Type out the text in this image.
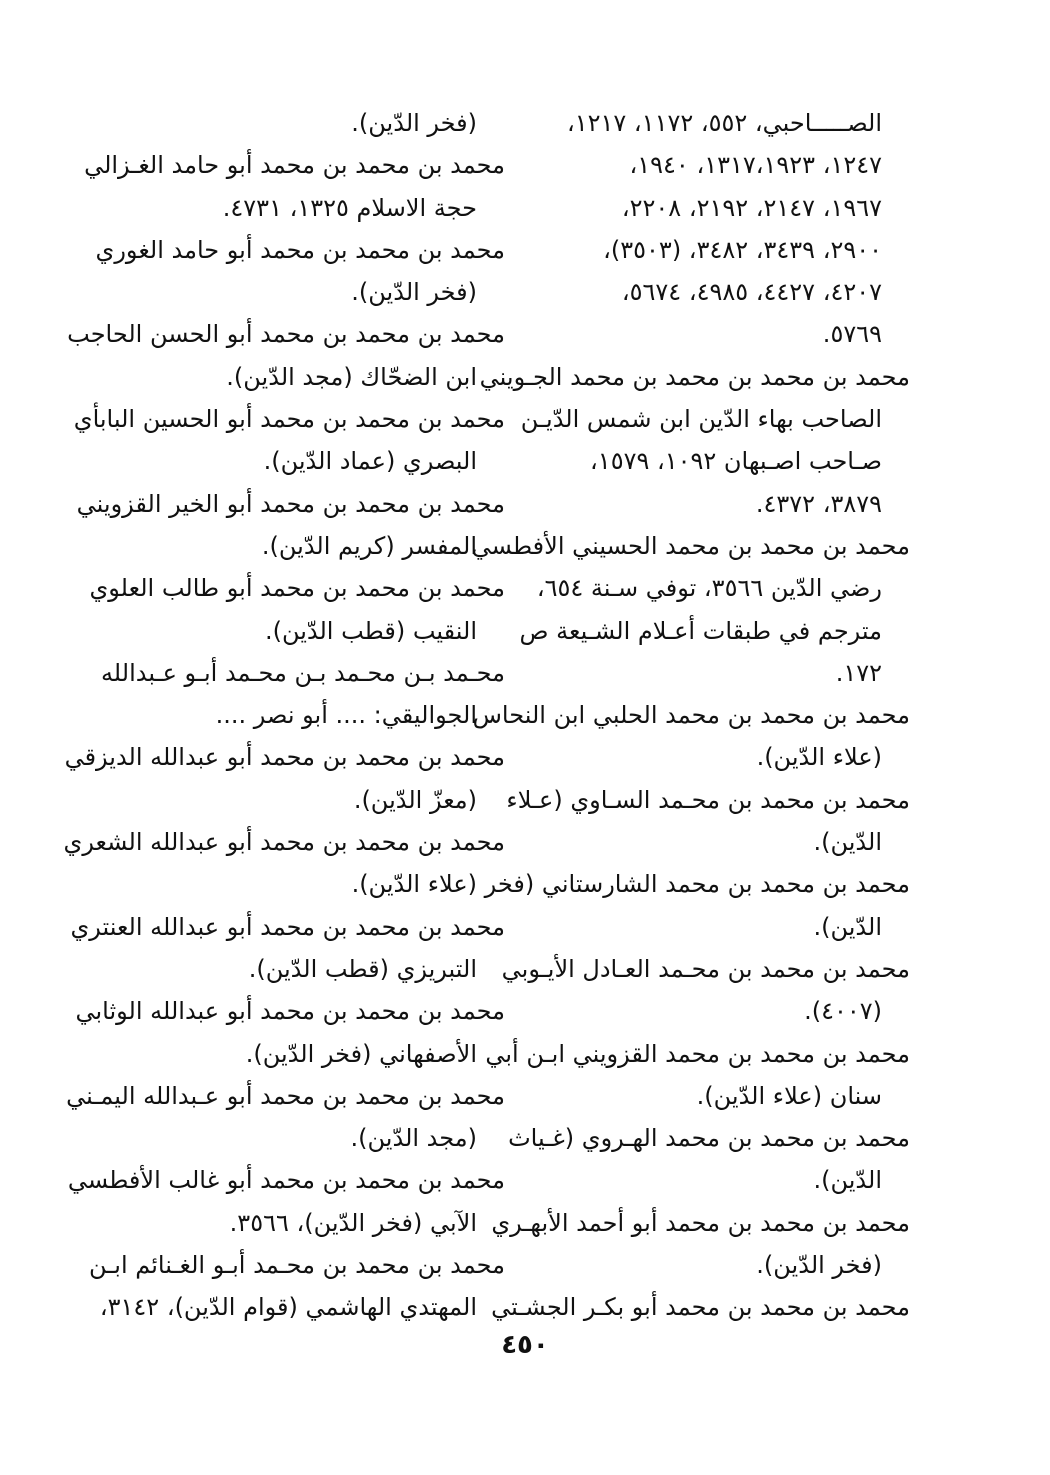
الصـــــاحبي، ٥٥٢، ١١٧٢، ١٢١٧،
١٢٤٧، ١٣١٧،١٩٢٣، ١٩٤٠،
١٩٦٧، ٢١٤٧، ٢١٩٢، ٢٢٠٨،
٢٩٠٠، ٣٤٣٩، ٣٤٨٢، (٣٥٠٣)،
٤٢٠٧، ٤٤٢٧، ٤٩٨٥، ٥٦٧٤،
٥٧٦٩.
محمد بن محمد بن محمد بن محمد الجـويني
الصاحب بهاء الدّين ابن شمس الدّيـن
صـاحب اصـبهان ١٠٩٢، ١٥٧٩،
٣٨٧٩، ٤٣٧٢.
محمد بن محمد بن محمد الحسيني الأفطسي
رضي الدّين ٣٥٦٦، توفي سـنة ٦٥٤،
مترجم في طبقات أعـلام الشـيعة ص
١٧٢.
محمد بن محمد بن محمد الحلبي ابن النحاس
(علاء الدّين).
محمد بن محمد بن محـمد السـاوي (عـلاء
الدّين).
محمد بن محمد بن محمد الشارستاني (فخر
الدّين).
محمد بن محمد بن محـمد العـادل الأيـوبي
(٤٠٠٧).
محمد بن محمد بن محمد القزويني ابـن أبي
سنان (علاء الدّين).
محمد بن محمد بن محمد الهـروي (غـياث
الدّين).
محمد بن محمد بن محمد أبو أحمد الأبهـري
(فخر الدّين).
محمد بن محمد بن محمد أبو بكـر الجشـتي
(فخر الدّين).
محمد بن محمد بن محمد أبو حامد الغـزالي
حجة الاسلام ١٣٢٥، ٤٧٣١.
محمد بن محمد بن محمد أبو حامد الغوري
(فخر الدّين).
محمد بن محمد بن محمد أبو الحسن الحاجب
ابن الضحّاك (مجد الدّين).
محمد بن محمد بن محمد أبو الحسين البابأي
البصري (عماد الدّين).
محمد بن محمد بن محمد أبو الخير القزويني
المفسر (كريم الدّين).
محمد بن محمد بن محمد أبو طالب العلوي
النقيب (قطب الدّين).
محـمد بـن محـمد بـن محـمد أبـو عـبدالله
الجواليقي: .... أبو نصر ....
محمد بن محمد بن محمد أبو عبدالله الديزقي
(معزّ الدّين).
محمد بن محمد بن محمد أبو عبدالله الشعري
(علاء الدّين).
محمد بن محمد بن محمد أبو عبدالله العنتري
التبريزي (قطب الدّين).
محمد بن محمد بن محمد أبو عبدالله الوثابي
الأصفهاني (فخر الدّين).
محمد بن محمد بن محمد أبو عـبدالله اليمـني
(مجد الدّين).
محمد بن محمد بن محمد أبو غالب الأفطسي
الآبي (فخر الدّين)، ٣٥٦٦.
محمد بن محمد بن محـمد أبـو الغـنائم ابـن
المهتدي الهاشمي (قوام الدّين)، ٣١٤٢،
٤٥٠
